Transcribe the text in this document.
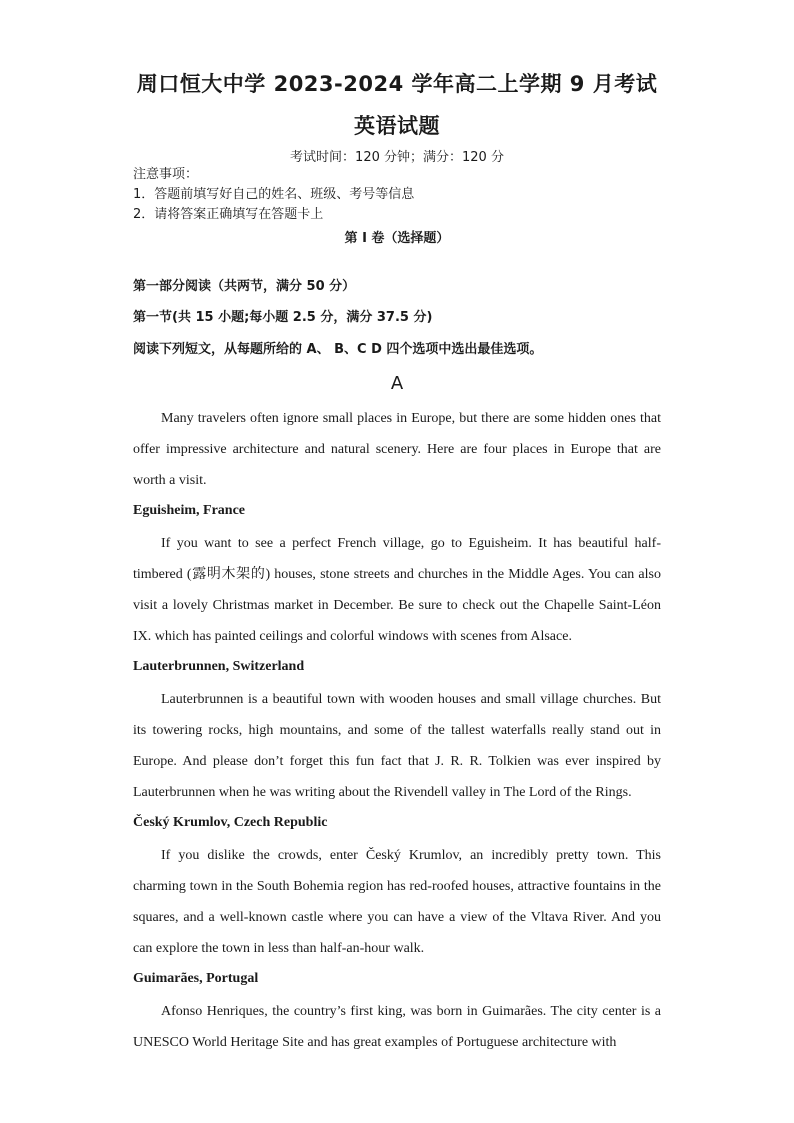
周口恒大中学 2023-2024 学年高二上学期 9 月考试
英语试题
考试时间：120 分钟；满分：120 分
注意事项：
1．答题前填写好自己的姓名、班级、考号等信息
2．请将答案正确填写在答题卡上
第 I 卷（选择题）
第一部分阅读（共两节，满分 50 分）
第一节(共 15 小题;每小题 2.5 分，满分 37.5 分)
阅读下列短文，从每题所给的 A、 B、C D 四个选项中选出最佳选项。
A

Many travelers often ignore small places in Europe, but there are some hidden ones that offer impressive architecture and natural scenery. Here are four places in Europe that are worth a visit.

Eguisheim, France

If you want to see a perfect French village, go to Eguisheim. It has beautiful half-timbered (露明木架的) houses, stone streets and churches in the Middle Ages. You can also visit a lovely Christmas market in December. Be sure to check out the Chapelle Saint-Léon IX. which has painted ceilings and colorful windows with scenes from Alsace.

Lauterbrunnen, Switzerland

Lauterbrunnen is a beautiful town with wooden houses and small village churches. But its towering rocks, high mountains, and some of the tallest waterfalls really stand out in Europe. And please don’t forget this fun fact that J. R. R. Tolkien was ever inspired by Lauterbrunnen when he was writing about the Rivendell valley in The Lord of the Rings.

Český Krumlov, Czech Republic

If you dislike the crowds, enter Český Krumlov, an incredibly pretty town. This charming town in the South Bohemia region has red-roofed houses, attractive fountains in the squares, and a well-known castle where you can have a view of the Vltava River. And you can explore the town in less than half-an-hour walk.

Guimarães, Portugal

Afonso Henriques, the country’s first king, was born in Guimarães. The city center is a UNESCO World Heritage Site and has great examples of Portuguese architecture with
